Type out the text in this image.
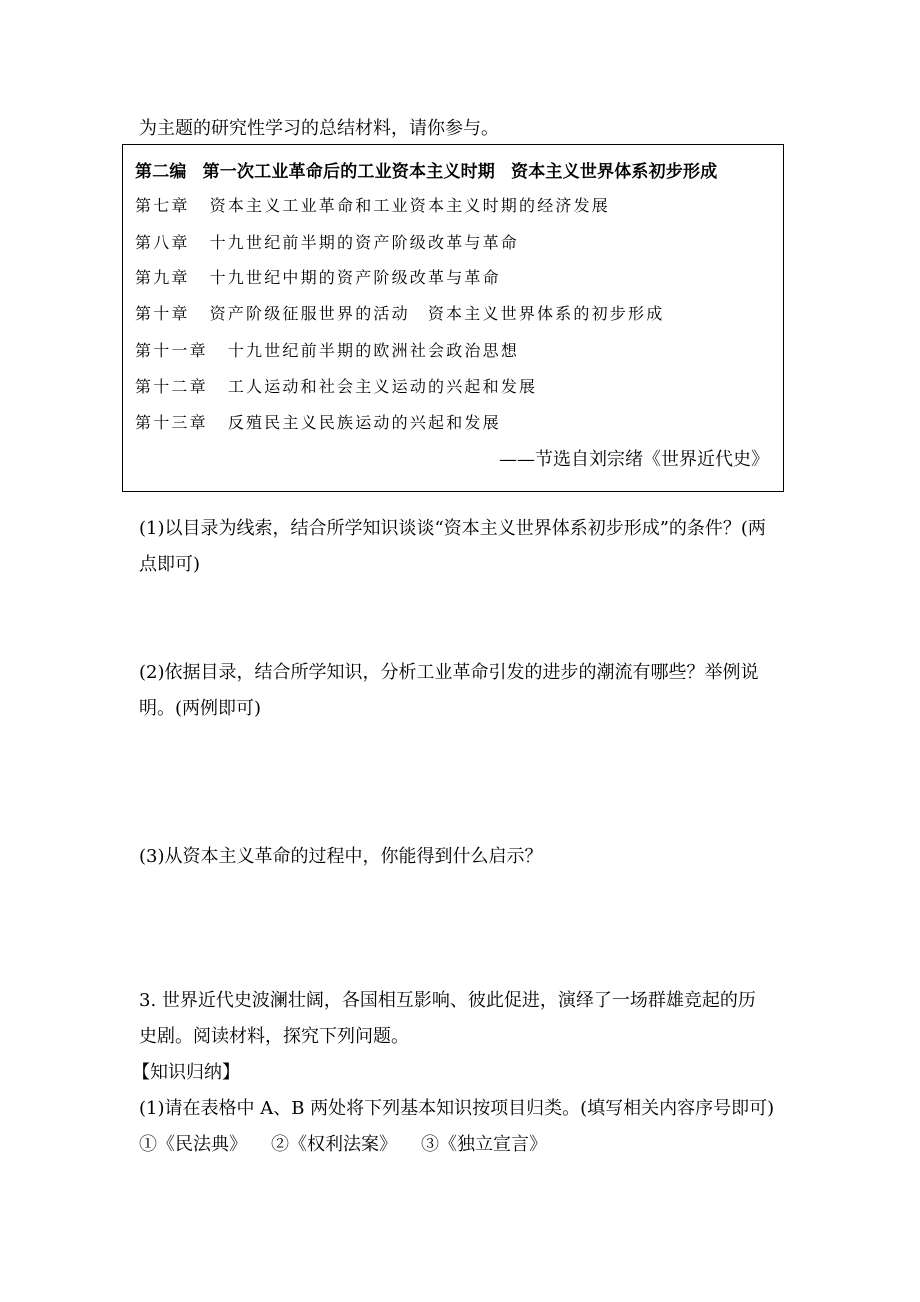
为主题的研究性学习的总结材料，请你参与。
第二编 第一次工业革命后的工业资本主义时期 资本主义世界体系初步形成
第七章 资本主义工业革命和工业资本主义时期的经济发展
第八章 十九世纪前半期的资产阶级改革与革命
第九章 十九世纪中期的资产阶级改革与革命
第十章 资产阶级征服世界的活动 资本主义世界体系的初步形成
第十一章 十九世纪前半期的欧洲社会政治思想
第十二章 工人运动和社会主义运动的兴起和发展
第十三章 反殖民主义民族运动的兴起和发展
——节选自刘宗绪《世界近代史》
(1)以目录为线索，结合所学知识谈谈“资本主义世界体系初步形成”的条件？(两
点即可)
(2)依据目录，结合所学知识，分析工业革命引发的进步的潮流有哪些？举例说
明。(两例即可)
(3)从资本主义革命的过程中，你能得到什么启示？
3. 世界近代史波澜壮阔，各国相互影响、彼此促进，演绎了一场群雄竞起的历
史剧。阅读材料，探究下列问题。
【知识归纳】
(1)请在表格中 A、B 两处将下列基本知识按项目归类。(填写相关内容序号即可)
①《民法典》 ②《权利法案》 ③《独立宣言》
